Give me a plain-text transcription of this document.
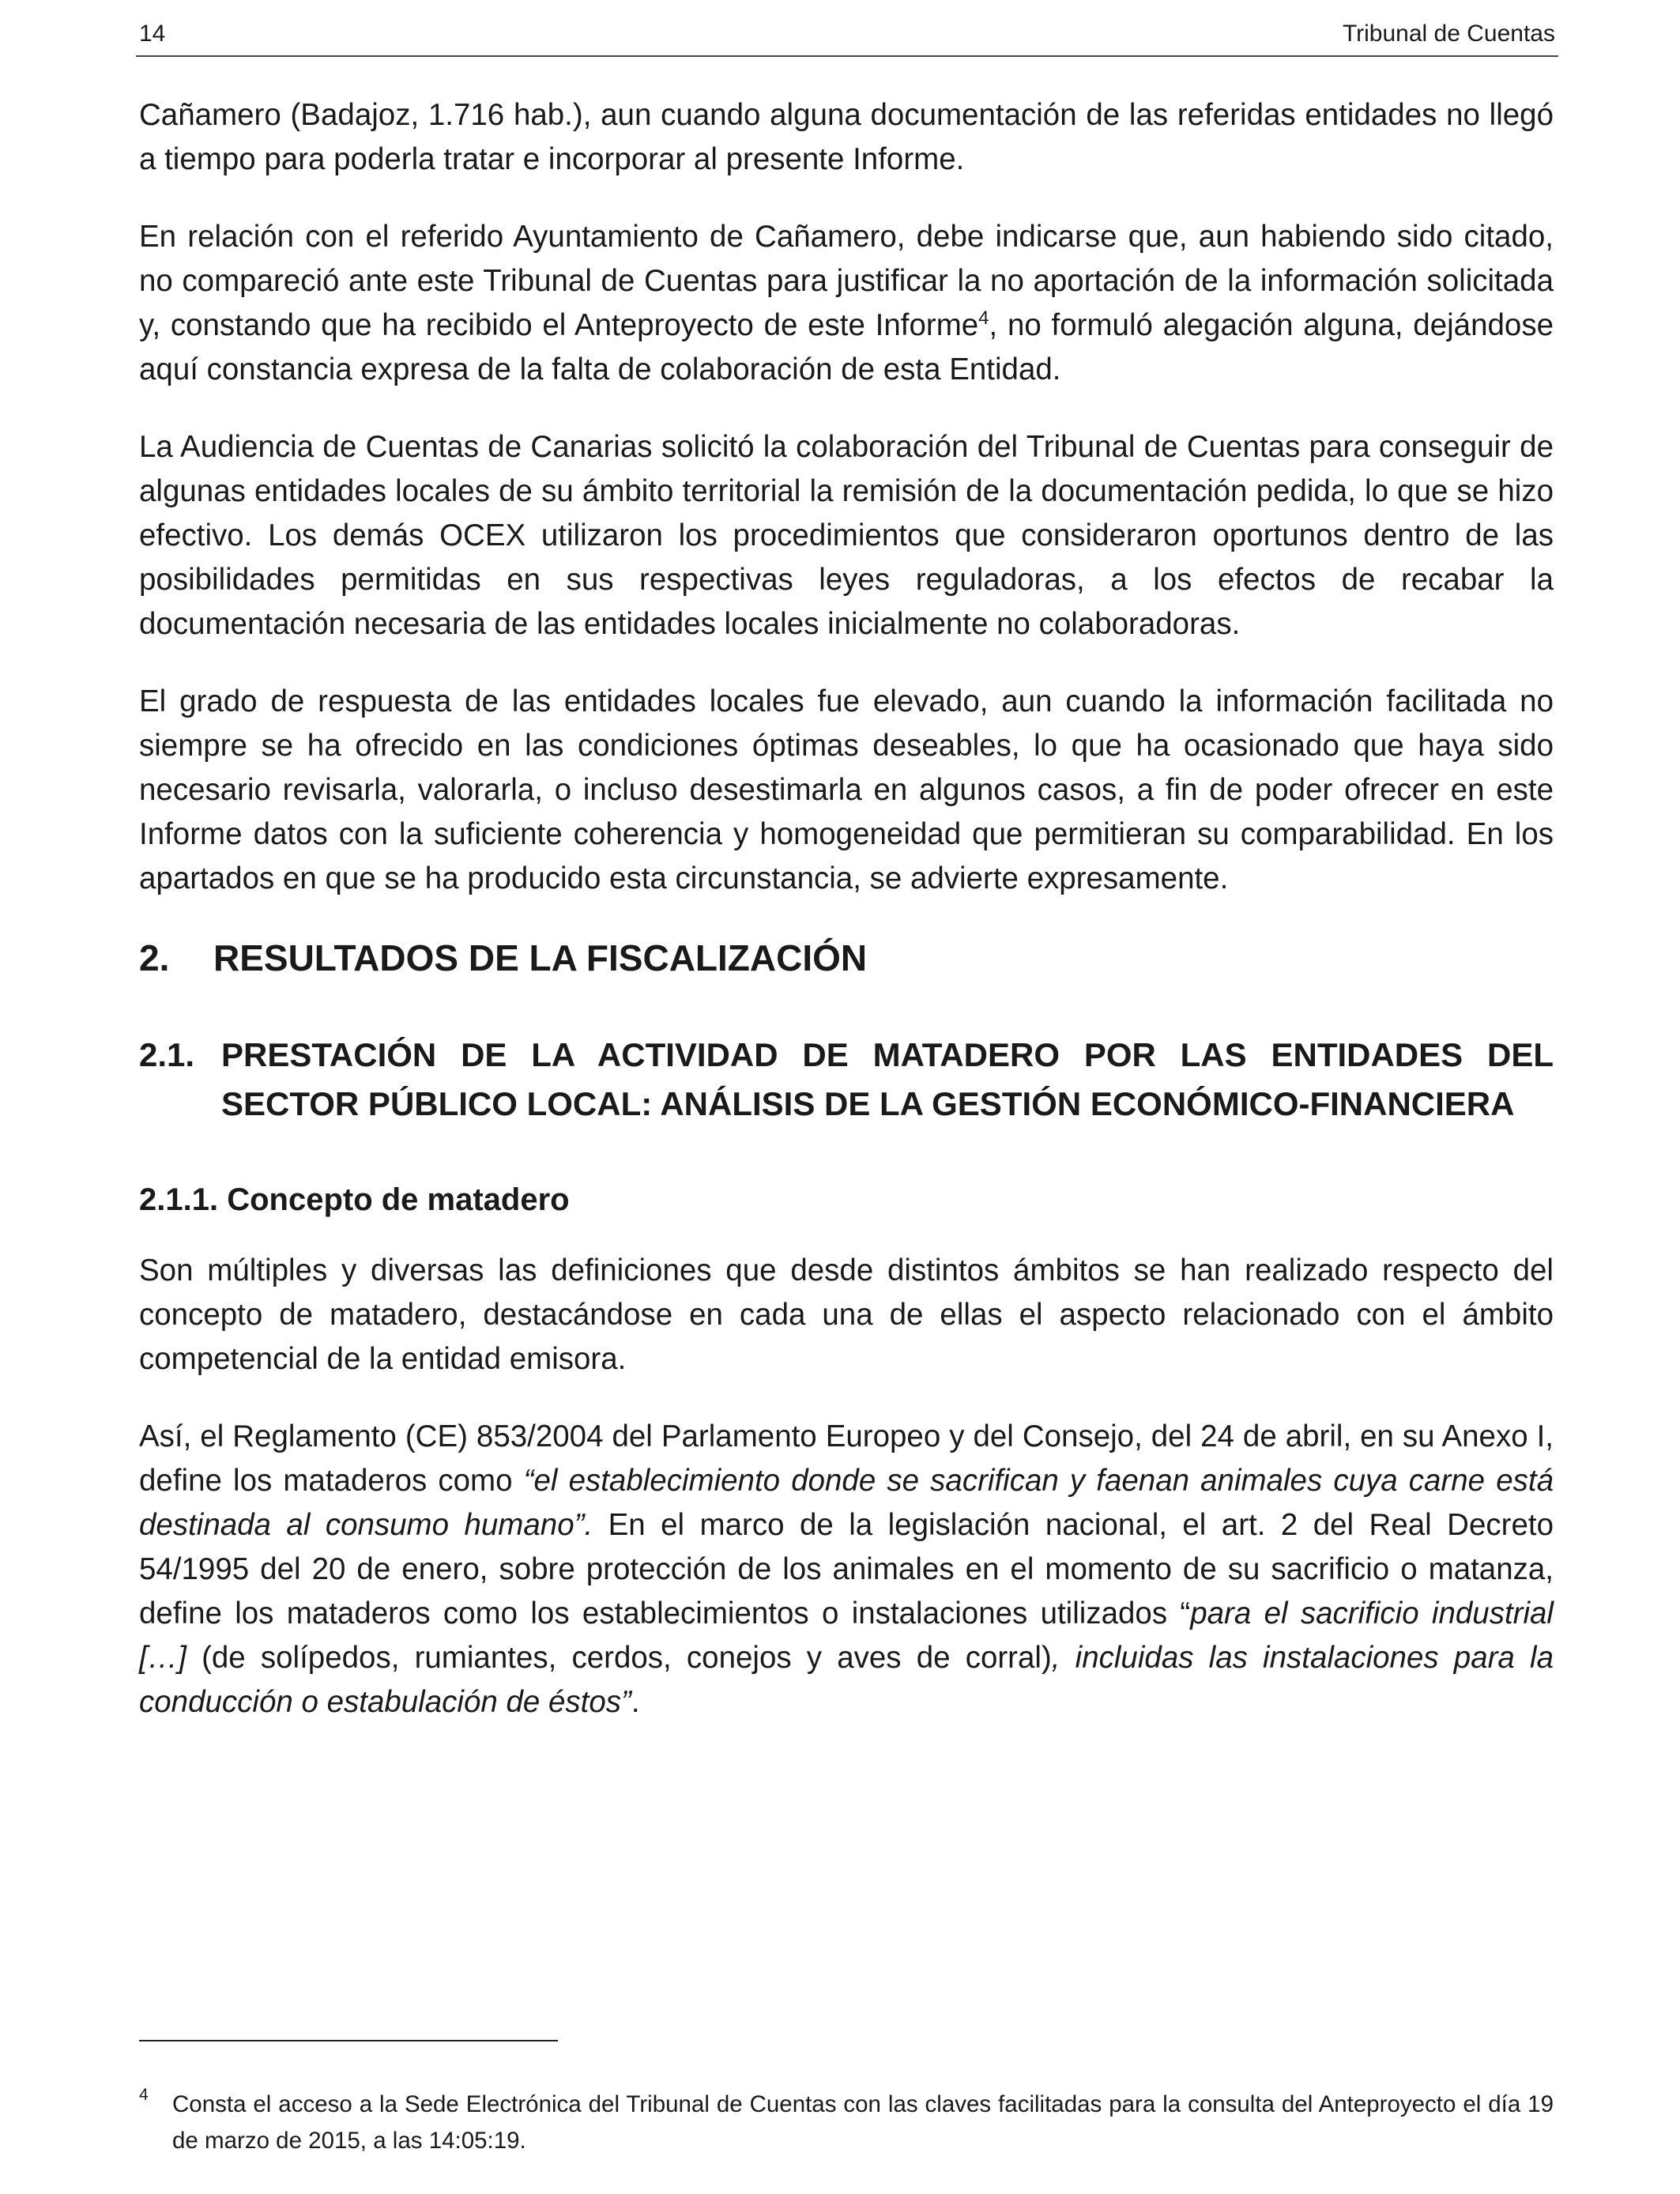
14	Tribunal de Cuentas

Cañamero (Badajoz, 1.716 hab.), aun cuando alguna documentación de las referidas entidades no llegó a tiempo para poderla tratar e incorporar al presente Informe.

En relación con el referido Ayuntamiento de Cañamero, debe indicarse que, aun habiendo sido citado, no compareció ante este Tribunal de Cuentas para justificar la no aportación de la información solicitada y, constando que ha recibido el Anteproyecto de este Informe$^4$, no formuló alegación alguna, dejándose aquí constancia expresa de la falta de colaboración de esta Entidad.

La Audiencia de Cuentas de Canarias solicitó la colaboración del Tribunal de Cuentas para conseguir de algunas entidades locales de su ámbito territorial la remisión de la documentación pedida, lo que se hizo efectivo. Los demás OCEX utilizaron los procedimientos que consideraron oportunos dentro de las posibilidades permitidas en sus respectivas leyes reguladoras, a los efectos de recabar la documentación necesaria de las entidades locales inicialmente no colaboradoras.

El grado de respuesta de las entidades locales fue elevado, aun cuando la información facilitada no siempre se ha ofrecido en las condiciones óptimas deseables, lo que ha ocasionado que haya sido necesario revisarla, valorarla, o incluso desestimarla en algunos casos, a fin de poder ofrecer en este Informe datos con la suficiente coherencia y homogeneidad que permitieran su comparabilidad. En los apartados en que se ha producido esta circunstancia, se advierte expresamente.

2. RESULTADOS DE LA FISCALIZACIÓN
2.1. PRESTACIÓN DE LA ACTIVIDAD DE MATADERO POR LAS ENTIDADES DEL SECTOR PÚBLICO LOCAL: ANÁLISIS DE LA GESTIÓN ECONÓMICO-FINANCIERA
2.1.1. Concepto de matadero

Son múltiples y diversas las definiciones que desde distintos ámbitos se han realizado respecto del concepto de matadero, destacándose en cada una de ellas el aspecto relacionado con el ámbito competencial de la entidad emisora.

Así, el Reglamento (CE) 853/2004 del Parlamento Europeo y del Consejo, del 24 de abril, en su Anexo I, define los mataderos como “el establecimiento donde se sacrifican y faenan animales cuya carne está destinada al consumo humano”. En el marco de la legislación nacional, el art. 2 del Real Decreto 54/1995 del 20 de enero, sobre protección de los animales en el momento de su sacrificio o matanza, define los mataderos como los establecimientos o instalaciones utilizados “para el sacrificio industrial […] (de solípedos, rumiantes, cerdos, conejos y aves de corral), incluidas las instalaciones para la conducción o estabulación de éstos”.

4 Consta el acceso a la Sede Electrónica del Tribunal de Cuentas con las claves facilitadas para la consulta del Anteproyecto el día 19 de marzo de 2015, a las 14:05:19.
